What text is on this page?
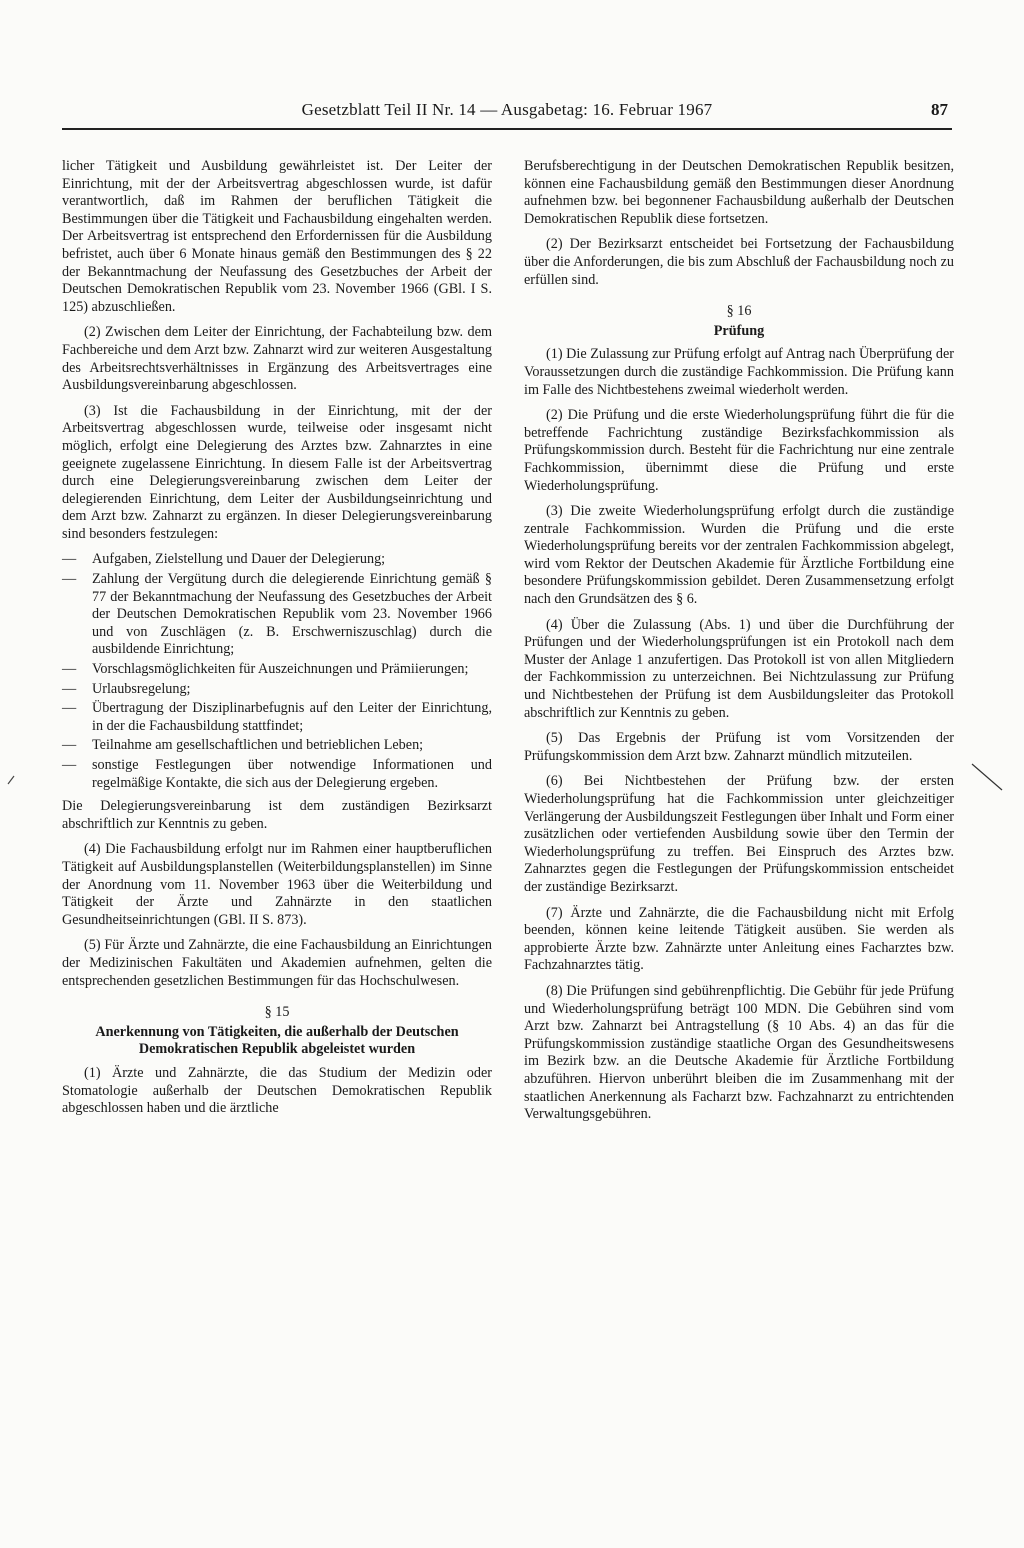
Gesetzblatt Teil II Nr. 14 — Ausgabetag: 16. Februar 1967	87

licher Tätigkeit und Ausbildung gewährleistet ist. Der Leiter der Einrichtung, mit der der Arbeitsvertrag abgeschlossen wurde, ist dafür verantwortlich, daß im Rahmen der beruflichen Tätigkeit die Bestimmungen über die Tätigkeit und Fachausbildung eingehalten werden. Der Arbeitsvertrag ist entsprechend den Erfordernissen für die Ausbildung befristet, auch über 6 Monate hinaus gemäß den Bestimmungen des § 22 der Bekanntmachung der Neufassung des Gesetzbuches der Arbeit der Deutschen Demokratischen Republik vom 23. November 1966 (GBl. I S. 125) abzuschließen.

(2) Zwischen dem Leiter der Einrichtung, der Fachabteilung bzw. dem Fachbereiche und dem Arzt bzw. Zahnarzt wird zur weiteren Ausgestaltung des Arbeitsrechtsverhältnisses in Ergänzung des Arbeitsvertrages eine Ausbildungsvereinbarung abgeschlossen.

(3) Ist die Fachausbildung in der Einrichtung, mit der der Arbeitsvertrag abgeschlossen wurde, teilweise oder insgesamt nicht möglich, erfolgt eine Delegierung des Arztes bzw. Zahnarztes in eine geeignete zugelassene Einrichtung. In diesem Falle ist der Arbeitsvertrag durch eine Delegierungsvereinbarung zwischen dem Leiter der delegierenden Einrichtung, dem Leiter der Ausbildungseinrichtung und dem Arzt bzw. Zahnarzt zu ergänzen. In dieser Delegierungsvereinbarung sind besonders festzulegen:

— Aufgaben, Zielstellung und Dauer der Delegierung;
— Zahlung der Vergütung durch die delegierende Einrichtung gemäß § 77 der Bekanntmachung der Neufassung des Gesetzbuches der Arbeit der Deutschen Demokratischen Republik vom 23. November 1966 und von Zuschlägen (z. B. Erschwerniszuschlag) durch die ausbildende Einrichtung;
— Vorschlagsmöglichkeiten für Auszeichnungen und Prämiierungen;
— Urlaubsregelung;
— Übertragung der Disziplinarbefugnis auf den Leiter der Einrichtung, in der die Fachausbildung stattfindet;
— Teilnahme am gesellschaftlichen und betrieblichen Leben;
— sonstige Festlegungen über notwendige Informationen und regelmäßige Kontakte, die sich aus der Delegierung ergeben.

Die Delegierungsvereinbarung ist dem zuständigen Bezirksarzt abschriftlich zur Kenntnis zu geben.

(4) Die Fachausbildung erfolgt nur im Rahmen einer hauptberuflichen Tätigkeit auf Ausbildungsplanstellen (Weiterbildungsplanstellen) im Sinne der Anordnung vom 11. November 1963 über die Weiterbildung und Tätigkeit der Ärzte und Zahnärzte in den staatlichen Gesundheitseinrichtungen (GBl. II S. 873).

(5) Für Ärzte und Zahnärzte, die eine Fachausbildung an Einrichtungen der Medizinischen Fakultäten und Akademien aufnehmen, gelten die entsprechenden gesetzlichen Bestimmungen für das Hochschulwesen.

§ 15
Anerkennung von Tätigkeiten, die außerhalb der Deutschen Demokratischen Republik abgeleistet wurden

(1) Ärzte und Zahnärzte, die das Studium der Medizin oder Stomatologie außerhalb der Deutschen Demokratischen Republik abgeschlossen haben und die ärztliche

Berufsberechtigung in der Deutschen Demokratischen Republik besitzen, können eine Fachausbildung gemäß den Bestimmungen dieser Anordnung aufnehmen bzw. bei begonnener Fachausbildung außerhalb der Deutschen Demokratischen Republik diese fortsetzen.

(2) Der Bezirksarzt entscheidet bei Fortsetzung der Fachausbildung über die Anforderungen, die bis zum Abschluß der Fachausbildung noch zu erfüllen sind.

§ 16
Prüfung

(1) Die Zulassung zur Prüfung erfolgt auf Antrag nach Überprüfung der Voraussetzungen durch die zuständige Fachkommission. Die Prüfung kann im Falle des Nichtbestehens zweimal wiederholt werden.

(2) Die Prüfung und die erste Wiederholungsprüfung führt die für die betreffende Fachrichtung zuständige Bezirksfachkommission als Prüfungskommission durch. Besteht für die Fachrichtung nur eine zentrale Fachkommission, übernimmt diese die Prüfung und erste Wiederholungsprüfung.

(3) Die zweite Wiederholungsprüfung erfolgt durch die zuständige zentrale Fachkommission. Wurden die Prüfung und die erste Wiederholungsprüfung bereits vor der zentralen Fachkommission abgelegt, wird vom Rektor der Deutschen Akademie für Ärztliche Fortbildung eine besondere Prüfungskommission gebildet. Deren Zusammensetzung erfolgt nach den Grundsätzen des § 6.

(4) Über die Zulassung (Abs. 1) und über die Durchführung der Prüfungen und der Wiederholungsprüfungen ist ein Protokoll nach dem Muster der Anlage 1 anzufertigen. Das Protokoll ist von allen Mitgliedern der Fachkommission zu unterzeichnen. Bei Nichtzulassung zur Prüfung und Nichtbestehen der Prüfung ist dem Ausbildungsleiter das Protokoll abschriftlich zur Kenntnis zu geben.

(5) Das Ergebnis der Prüfung ist vom Vorsitzenden der Prüfungskommission dem Arzt bzw. Zahnarzt mündlich mitzuteilen.

(6) Bei Nichtbestehen der Prüfung bzw. der ersten Wiederholungsprüfung hat die Fachkommission unter gleichzeitiger Verlängerung der Ausbildungszeit Festlegungen über Inhalt und Form einer zusätzlichen oder vertiefenden Ausbildung sowie über den Termin der Wiederholungsprüfung zu treffen. Bei Einspruch des Arztes bzw. Zahnarztes gegen die Festlegungen der Prüfungskommission entscheidet der zuständige Bezirksarzt.

(7) Ärzte und Zahnärzte, die die Fachausbildung nicht mit Erfolg beenden, können keine leitende Tätigkeit ausüben. Sie werden als approbierte Ärzte bzw. Zahnärzte unter Anleitung eines Facharztes bzw. Fachzahnarztes tätig.

(8) Die Prüfungen sind gebührenpflichtig. Die Gebühr für jede Prüfung und Wiederholungsprüfung beträgt 100 MDN. Die Gebühren sind vom Arzt bzw. Zahnarzt bei Antragstellung (§ 10 Abs. 4) an das für die Prüfungskommission zuständige staatliche Organ des Gesundheitswesens im Bezirk bzw. an die Deutsche Akademie für Ärztliche Fortbildung abzuführen. Hiervon unberührt bleiben die im Zusammenhang mit der staatlichen Anerkennung als Facharzt bzw. Fachzahnarzt zu entrichtenden Verwaltungsgebühren.
